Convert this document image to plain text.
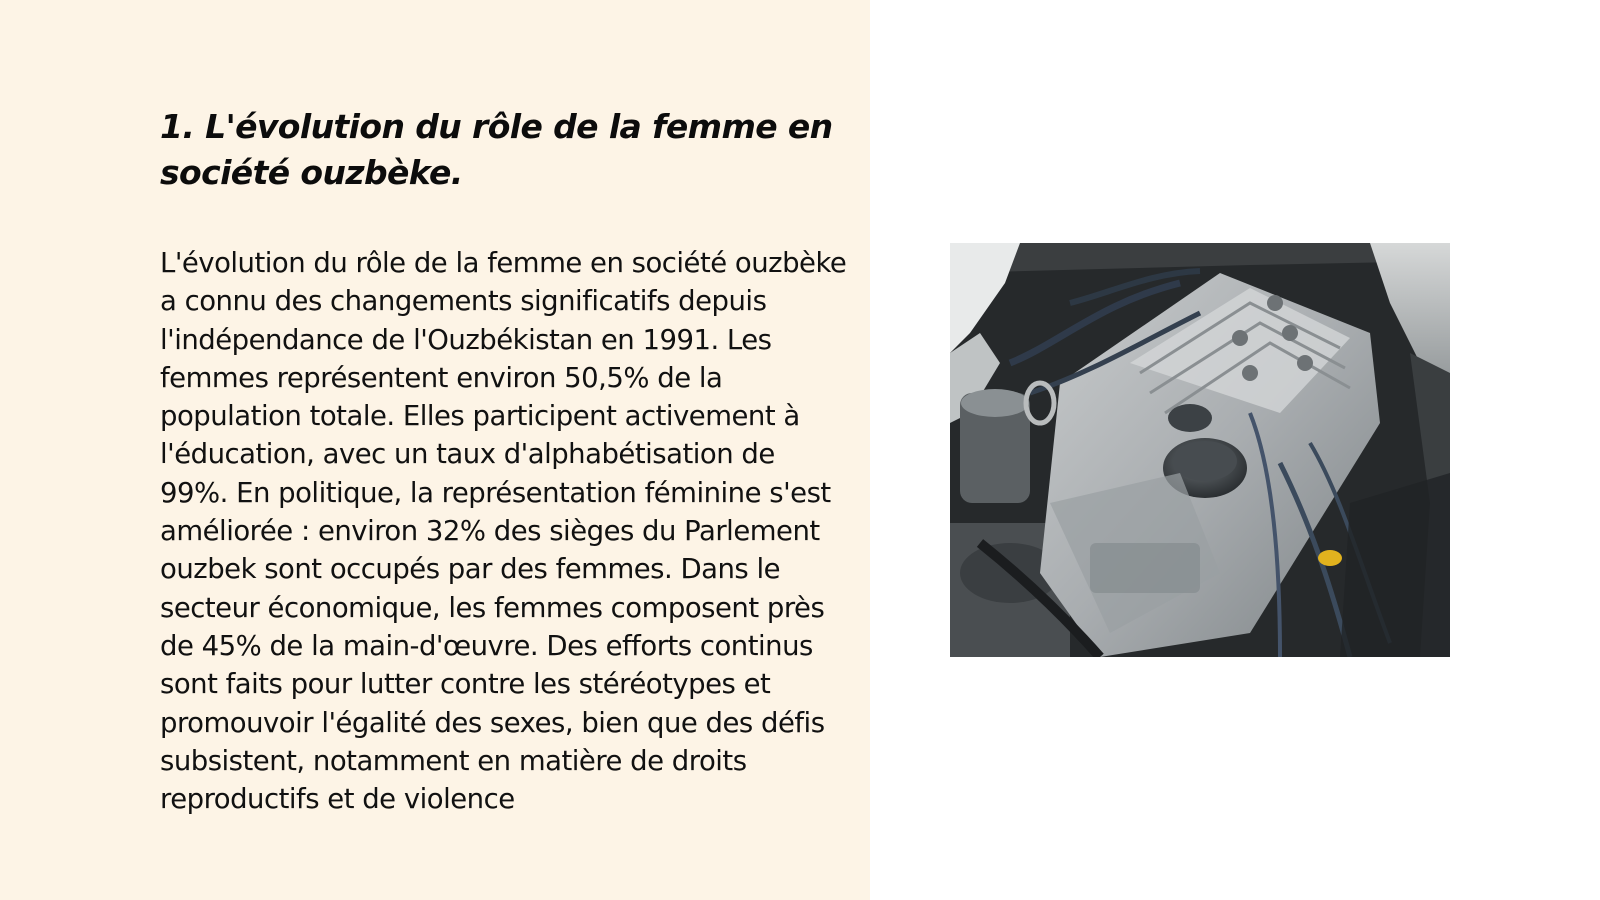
1. L'évolution du rôle de la femme en société ouzbèke.

L'évolution du rôle de la femme en société ouzbèke a connu des changements significatifs depuis l'indépendance de l'Ouzbékistan en 1991. Les femmes représentent environ 50,5% de la population totale. Elles participent activement à l'éducation, avec un taux d'alphabétisation de 99%. En politique, la représentation féminine s'est améliorée : environ 32% des sièges du Parlement ouzbek sont occupés par des femmes. Dans le secteur économique, les femmes composent près de 45% de la main-d'œuvre. Des efforts continus sont faits pour lutter contre les stéréotypes et promouvoir l'égalité des sexes, bien que des défis subsistent, notamment en matière de droits reproductifs et de violence
